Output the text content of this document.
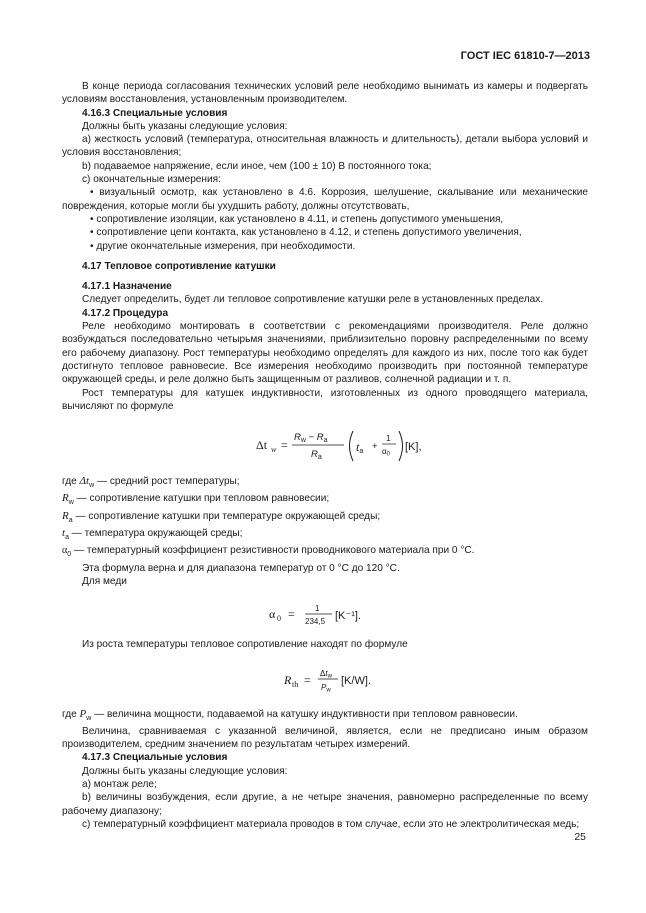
ГОСТ IEC 61810-7—2013

В конце периода согласования технических условий реле необходимо вынимать из камеры и подвергать условиям восстановления, установленным производителем.

4.16.3 Специальные условия

Должны быть указаны следующие условия:

а) жесткость условий (температура, относительная влажность и длительность), детали выбора условий и условия восстановления;

b) подаваемое напряжение, если иное, чем (100 ± 10) В постоянного тока;

c) окончательные измерения:

• визуальный осмотр, как установлено в 4.6. Коррозия, шелушение, скалывание или механические повреждения, которые могли бы ухудшить работу, должны отсутствовать,

• сопротивление изоляции, как установлено в 4.11, и степень допустимого уменьшения,

• сопротивление цепи контакта, как установлено в 4.12, и степень допустимого увеличения,

• другие окончательные измерения, при необходимости.

4.17 Тепловое сопротивление катушки

4.17.1 Назначение

Следует определить, будет ли тепловое сопротивление катушки реле в установленных пределах.

4.17.2 Процедура

Реле необходимо монтировать в соответствии с рекомендациями производителя. Реле должно возбуждаться последовательно четырьмя значениями, приблизительно поровну распределенными по всему его рабочему диапазону. Рост температуры необходимо определять для каждого из них, после того как будет достигнуто тепловое равновесие. Все измерения необходимо производить при постоянной температуре окружающей среды, и реле должно быть защищенным от разливов, солнечной радиации и т. п.

Рост температуры для катушек индуктивности, изготовленных из одного проводящего материала, вычисляют по формуле

Δt w =
$R_w - R_a$
$R_a$
ta +
1
α0
[K],

где $\Delta t_w$ — средний рост температуры;

$R_w$ — сопротивление катушки при тепловом равновесии;

$R_a$ — сопротивление катушки при температуре окружающей среды;

$t_a$ — температура окружающей среды;

$\alpha_0$ — температурный коэффициент резистивности проводникового материала при 0 °С.

Эта формула верна и для диапазона температур от 0 °С до 120 °С.

Для меди

α 0 =	1
234,5 [K⁻¹].

Из роста температуры тепловое сопротивление находят по формуле

R th = Δtw
Pw
[K/W].

где $P_w$ — величина мощности, подаваемой на катушку индуктивности при тепловом равновесии.

Величина, сравниваемая с указанной величиной, является, если не предписано иным образом производителем, средним значением по результатам четырех измерений.

4.17.3 Специальные условия

Должны быть указаны следующие условия:

а) монтаж реле;

b) величины возбуждения, если другие, а не четыре значения, равномерно распределенные по всему рабочему диапазону;

c) температурный коэффициент материала проводов в том случае, если это не электролитическая медь;

25
